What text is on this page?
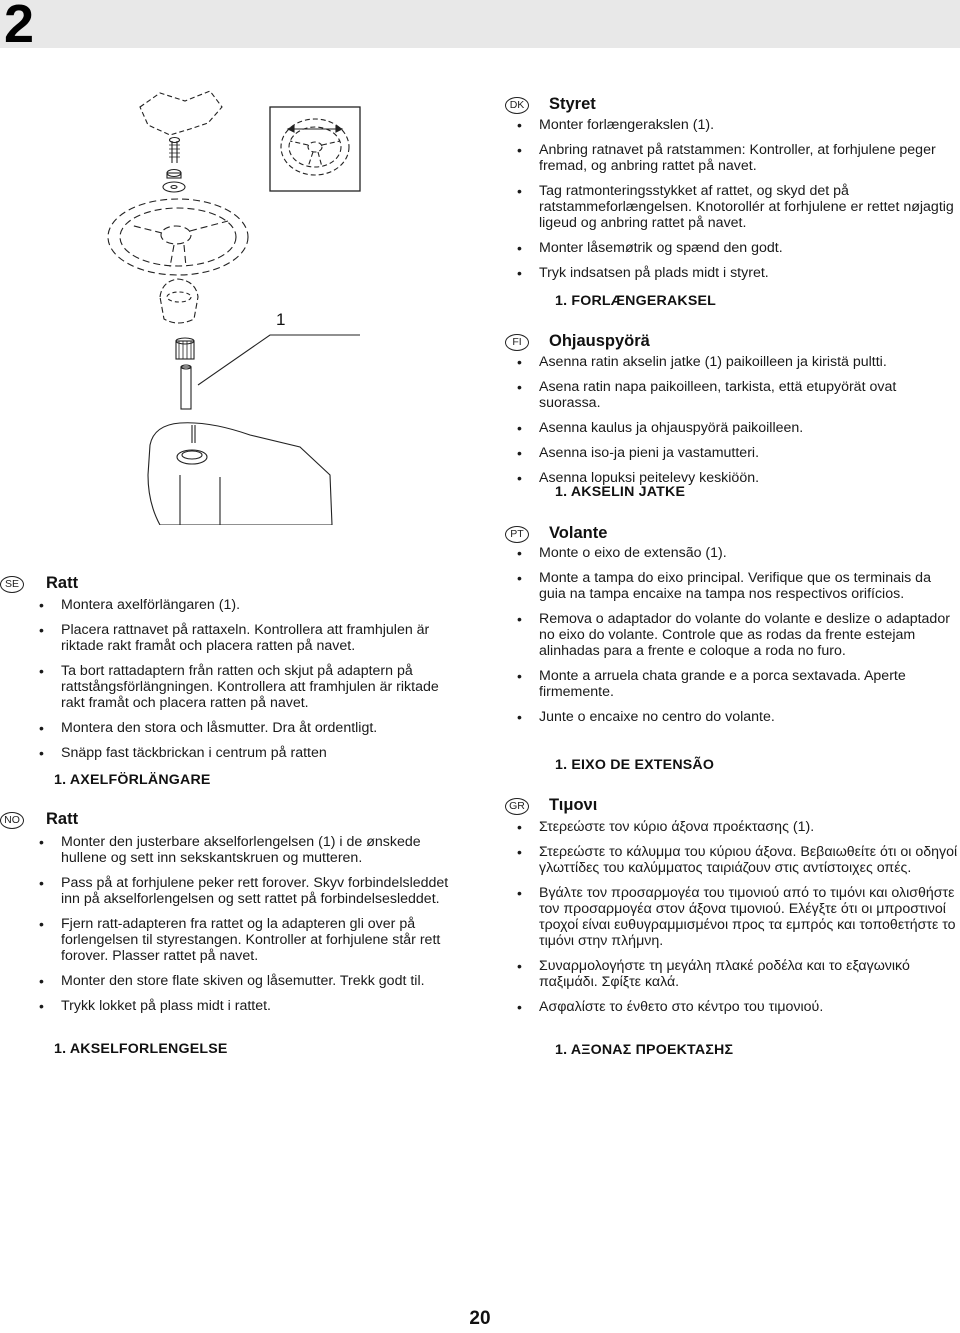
2
1
DK Styret
• Monter forlængerakslen (1).
• Anbring ratnavet på ratstammen: Kontroller, at forhjulene peger fremad, og anbring rattet på navet.
• Tag ratmonteringsstykket af rattet, og skyd det på ratstammeforlængelsen. Knotorollér at forhjulene er rettet nøjagtig ligeud og anbring rattet på navet.
• Monter låsemøtrik og spænd den godt.
• Tryk indsatsen på plads midt i styret.
1. FORLÆNGERAKSEL
FI	Ohjauspyörä
• Asenna ratin akselin jatke (1) paikoilleen ja kiristä pultti.
• Asena ratin napa paikoilleen, tarkista, että etupyörät ovat suorassa.
• Asenna kaulus ja ohjauspyörä paikoilleen.
• Asenna iso-ja pieni ja vastamutteri.
• Asenna lopuksi peitelevy keskiöön.
1. AKSELIN JATKE
PT	Volante
• Monte o eixo de extensão (1).
• Monte a tampa do eixo principal. Verifique que os terminais da guia na tampa encaixe na tampa nos respectivos orifícios.
• Remova o adaptador do volante do volante e deslize o adaptador no eixo do volante. Controle que as rodas da frente estejam alinhadas para a frente e coloque a roda no furo.
• Monte a arruela chata grande e a porca sextavada. Aperte firmemente.
• Junte o encaixe no centro do volante.
1. EIXO DE EXTENSÃO
GR Τιμονι
• Στερεώστε τον κύριο άξονα προέκτασης (1).
• Στερεώστε το κάλυμμα του κύριου άξονα. Βεβαιωθείτε ότι οι οδηγοί γλωττίδες του καλύμματος ταιριάζουν στις αντίστοιχες οπές.
• Βγάλτε τον προσαρμογέα του τιμονιού από το τιμόνι και ολισθήστε τον προσαρμογέα στον άξονα τιμονιού. Ελέγξτε ότι οι μπροστινοί τροχοί είναι ευθυγραμμισμένοι προς τα εμπρός και τοποθετήστε το τιμόνι στην πλήμνη.
• Συναρμολογήστε τη μεγάλη πλακέ ροδέλα και το εξαγωνικό παξιμάδι. Σφίξτε καλά.
• Ασφαλίστε το ένθετο στο κέντρο του τιμονιού.
1. ΑΞΟΝΑΣ ΠΡΟΕΚΤΑΣΗΣ
SE	Ratt
• Montera axelförlängaren (1).
• Placera rattnavet på rattaxeln. Kontrollera att framhjulen är riktade rakt framåt och placera ratten på navet.
• Ta bort rattadaptern från ratten och skjut på adaptern på rattstångsförlängningen. Kontrollera att framhjulen är riktade rakt framåt och placera ratten på navet.
• Montera den stora och låsmutter. Dra åt ordentligt.
• Snäpp fast täckbrickan i centrum på ratten
1. AXELFÖRLÄNGARE
NO Ratt
• Monter den justerbare akselforlengelsen (1) i de ønskede hullene og sett inn sekskantskruen og mutteren.
• Pass på at forhjulene peker rett forover. Skyv forbindelsleddet inn på akselforlengelsen og sett rattet på forbindelsesleddet.
• Fjern ratt-adapteren fra rattet og la adapteren gli over på forlengelsen til styrestangen. Kontroller at forhjulene står rett forover. Plasser rattet på navet.
• Monter den store flate skiven og låsemutter. Trekk godt til.
• Trykk lokket på plass midt i rattet.
1. AKSELFORLENGELSE
20
